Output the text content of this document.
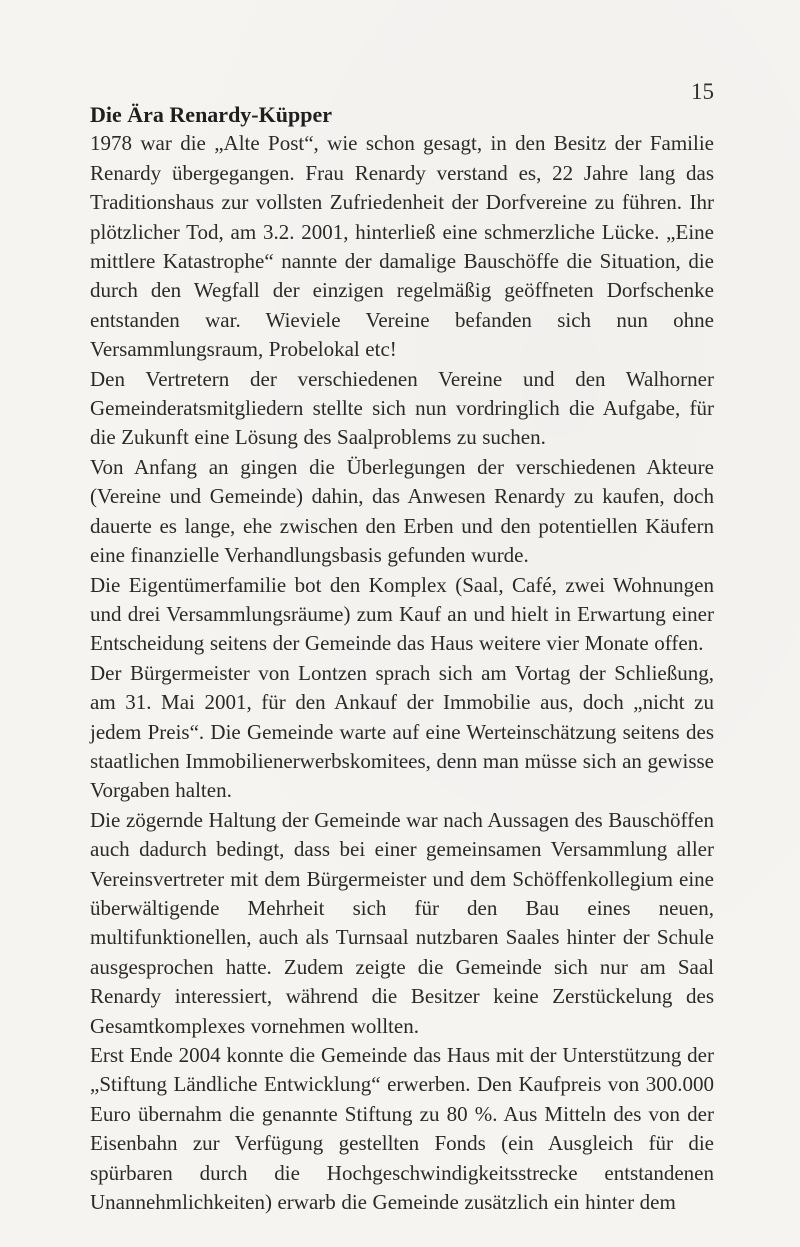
15
Die Ära Renardy-Küpper

1978 war die „Alte Post“, wie schon gesagt, in den Besitz der Familie Renardy übergegangen. Frau Renardy verstand es, 22 Jahre lang das Traditionshaus zur vollsten Zufriedenheit der Dorfvereine zu führen. Ihr plötzlicher Tod, am 3.2. 2001, hinterließ eine schmerzliche Lücke. „Eine mittlere Katastrophe“ nannte der damalige Bauschöffe die Situation, die durch den Wegfall der einzigen regelmäßig geöffneten Dorfschenke entstanden war. Wieviele Vereine befanden sich nun ohne Versammlungsraum, Probelokal etc!

Den Vertretern der verschiedenen Vereine und den Walhorner Gemeinderatsmitgliedern stellte sich nun vordringlich die Aufgabe, für die Zukunft eine Lösung des Saalproblems zu suchen.

Von Anfang an gingen die Überlegungen der verschiedenen Akteure (Vereine und Gemeinde) dahin, das Anwesen Renardy zu kaufen, doch dauerte es lange, ehe zwischen den Erben und den potentiellen Käufern eine finanzielle Verhandlungsbasis gefunden wurde.

Die Eigentümerfamilie bot den Komplex (Saal, Café, zwei Wohnungen und drei Versammlungsräume) zum Kauf an und hielt in Erwartung einer Entscheidung seitens der Gemeinde das Haus weitere vier Monate offen.

Der Bürgermeister von Lontzen sprach sich am Vortag der Schließung, am 31. Mai 2001, für den Ankauf der Immobilie aus, doch „nicht zu jedem Preis“. Die Gemeinde warte auf eine Werteinschätzung seitens des staatlichen Immobilienerwerbskomitees, denn man müsse sich an gewisse Vorgaben halten.

Die zögernde Haltung der Gemeinde war nach Aussagen des Bauschöffen auch dadurch bedingt, dass bei einer gemeinsamen Versammlung aller Vereinsvertreter mit dem Bürgermeister und dem Schöffenkollegium eine überwältigende Mehrheit sich für den Bau eines neuen, multifunktionellen, auch als Turnsaal nutzbaren Saales hinter der Schule ausgesprochen hatte. Zudem zeigte die Gemeinde sich nur am Saal Renardy interessiert, während die Besitzer keine Zerstückelung des Gesamtkomplexes vornehmen wollten.

Erst Ende 2004 konnte die Gemeinde das Haus mit der Unterstützung der „Stiftung Ländliche Entwicklung“ erwerben. Den Kaufpreis von 300.000 Euro übernahm die genannte Stiftung zu 80 %. Aus Mitteln des von der Eisenbahn zur Verfügung gestellten Fonds (ein Ausgleich für die spürbaren durch die Hochgeschwindigkeitsstrecke entstandenen Unannehmlichkeiten) erwarb die Gemeinde zusätzlich ein hinter dem
